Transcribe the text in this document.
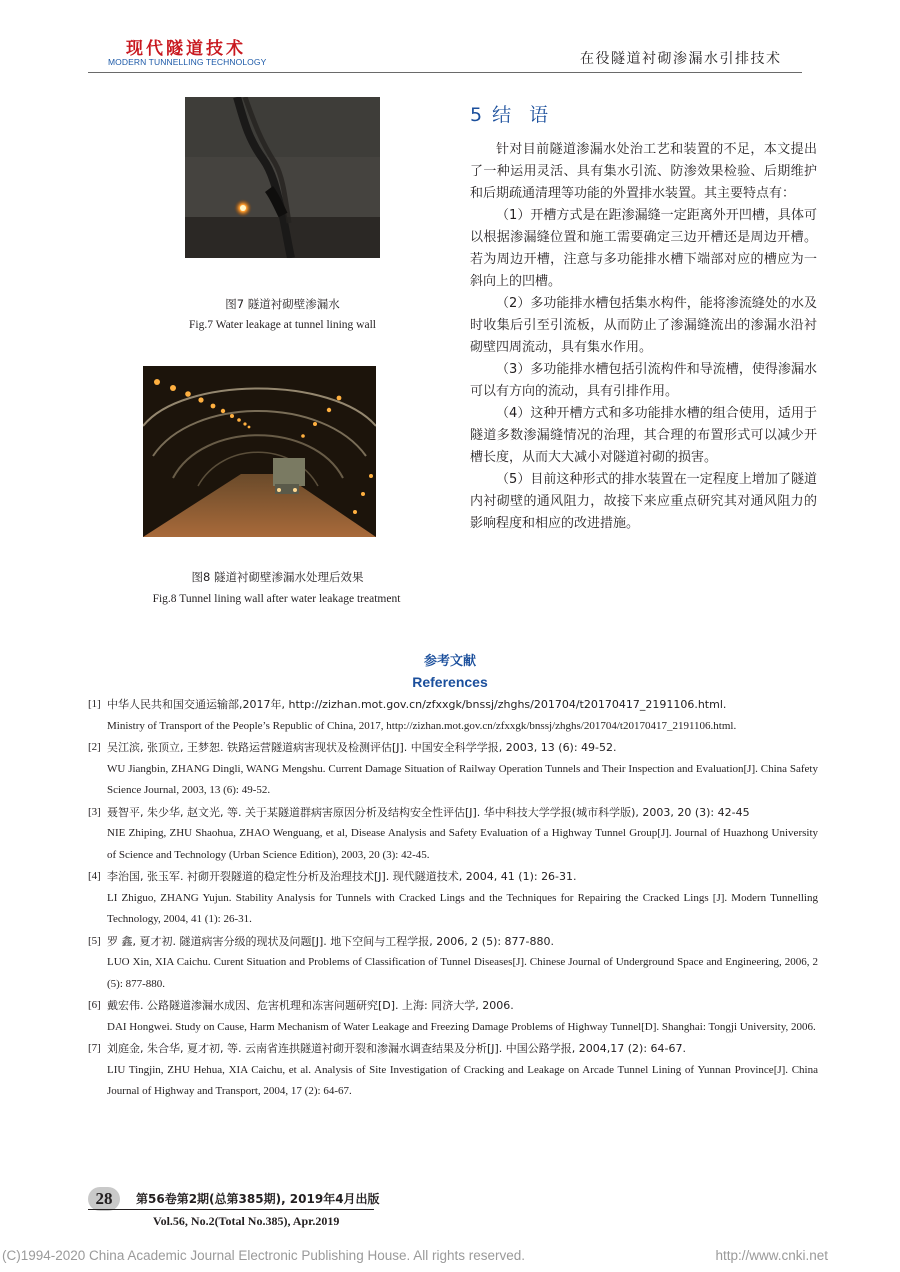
现代隧道技术
MODERN TUNNELLING TECHNOLOGY	在役隧道衬砌渗漏水引排技术
图7 隧道衬砌壁渗漏水
Fig.7 Water leakage at tunnel lining wall
图8 隧道衬砌壁渗漏水处理后效果
Fig.8 Tunnel lining wall after water leakage treatment
5 结 语

针对目前隧道渗漏水处治工艺和装置的不足，本文提出了一种运用灵活、具有集水引流、防渗效果检验、后期维护和后期疏通清理等功能的外置排水装置。其主要特点有：

（1）开槽方式是在距渗漏缝一定距离外开凹槽，具体可以根据渗漏缝位置和施工需要确定三边开槽还是周边开槽。若为周边开槽，注意与多功能排水槽下端部对应的槽应为一斜向上的凹槽。

（2）多功能排水槽包括集水构件，能将渗流缝处的水及时收集后引至引流板，从而防止了渗漏缝流出的渗漏水沿衬砌壁四周流动，具有集水作用。

（3）多功能排水槽包括引流构件和导流槽，使得渗漏水可以有方向的流动，具有引排作用。

（4）这种开槽方式和多功能排水槽的组合使用，适用于隧道多数渗漏缝情况的治理，其合理的布置形式可以减少开槽长度，从而大大减小对隧道衬砌的损害。

（5）目前这种形式的排水装置在一定程度上增加了隧道内衬砌壁的通风阻力，故接下来应重点研究其对通风阻力的影响程度和相应的改进措施。

参考文献
References
[1] 中华人民共和国交通运输部,2017年, http://zizhan.mot.gov.cn/zfxxgk/bnssj/zhghs/201704/t20170417_2191106.html.
Ministry of Transport of the People’s Republic of China, 2017, http://zizhan.mot.gov.cn/zfxxgk/bnssj/zhghs/201704/t20170417_2191106.html.
[2] 吴江滨, 张顶立, 王梦恕. 铁路运营隧道病害现状及检测评估[J]. 中国安全科学学报, 2003, 13 (6): 49-52.
WU Jiangbin, ZHANG Dingli, WANG Mengshu. Current Damage Situation of Railway Operation Tunnels and Their Inspection and Evaluation[J]. China Safety Science Journal, 2003, 13 (6): 49-52.
[3] 聂智平, 朱少华, 赵文光, 等. 关于某隧道群病害原因分析及结构安全性评估[J]. 华中科技大学学报(城市科学版), 2003, 20 (3): 42-45
NIE Zhiping, ZHU Shaohua, ZHAO Wenguang, et al, Disease Analysis and Safety Evaluation of a Highway Tunnel Group[J]. Journal of Huazhong University of Science and Technology (Urban Science Edition), 2003, 20 (3): 42-45.
[4] 李治国, 张玉军. 衬砌开裂隧道的稳定性分析及治理技术[J]. 现代隧道技术, 2004, 41 (1): 26-31.
LI Zhiguo, ZHANG Yujun. Stability Analysis for Tunnels with Cracked Lings and the Techniques for Repairing the Cracked Lings [J]. Modern Tunnelling Technology, 2004, 41 (1): 26-31.
[5] 罗 鑫, 夏才初. 隧道病害分级的现状及问题[J]. 地下空间与工程学报, 2006, 2 (5): 877-880.
LUO Xin, XIA Caichu. Curent Situation and Problems of Classification of Tunnel Diseases[J]. Chinese Journal of Underground Space and Engineering, 2006, 2 (5): 877-880.
[6] 戴宏伟. 公路隧道渗漏水成因、危害机理和冻害问题研究[D]. 上海: 同济大学, 2006.
DAI Hongwei. Study on Cause, Harm Mechanism of Water Leakage and Freezing Damage Problems of Highway Tunnel[D]. Shanghai: Tongji University, 2006.
[7] 刘庭金, 朱合华, 夏才初, 等. 云南省连拱隧道衬砌开裂和渗漏水调查结果及分析[J]. 中国公路学报, 2004,17 (2): 64-67.
LIU Tingjin, ZHU Hehua, XIA Caichu, et al. Analysis of Site Investigation of Cracking and Leakage on Arcade Tunnel Lining of Yunnan Province[J]. China Journal of Highway and Transport, 2004, 17 (2): 64-67.
28	第56卷第2期(总第385期), 2019年4月出版
Vol.56, No.2(Total No.385), Apr.2019
(C)1994-2020 China Academic Journal Electronic Publishing House. All rights reserved.	http://www.cnki.net
